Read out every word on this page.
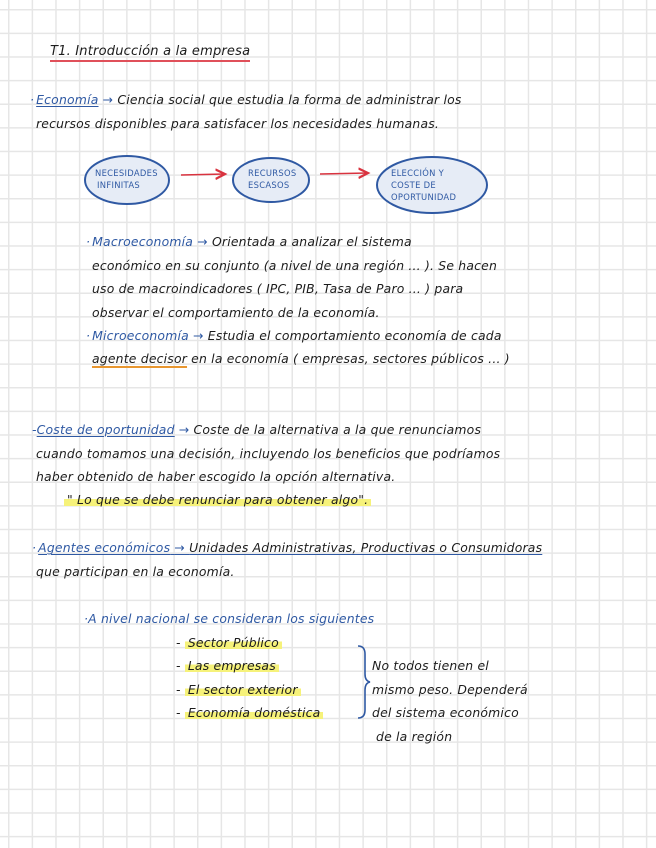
T1. Introducción a la empresa
· Economía → Ciencia social que estudia la forma de administrar los
recursos disponibles para satisfacer los necesidades humanas.
NECESIDADES
INFINITAS
RECURSOS
ESCASOS
ELECCIÓN Y
COSTE DE
OPORTUNIDAD
· Macroeconomía → Orientada a analizar el sistema
económico en su conjunto (a nivel de una región ... ). Se hacen
uso de macroindicadores ( IPC, PIB, Tasa de Paro ... ) para
observar el comportamiento de la economía.
· Microeconomía → Estudia el comportamiento economía de cada
agente decisor en la economía ( empresas, sectores públicos ... )
-Coste de oportunidad → Coste de la alternativa a la que renunciamos
cuando tomamos una decisión, incluyendo los beneficios que podríamos
haber obtenido de haber escogido la opción alternativa.
" Lo que se debe renunciar para obtener algo".
· Agentes económicos → Unidades Administrativas, Productivas o Consumidoras
que participan en la economía.
·A nivel nacional se consideran los siguientes
- Sector Público
- Las empresas
- El sector exterior
- Economía doméstica
No todos tienen el
mismo peso. Dependerá
del sistema económico
de la región
